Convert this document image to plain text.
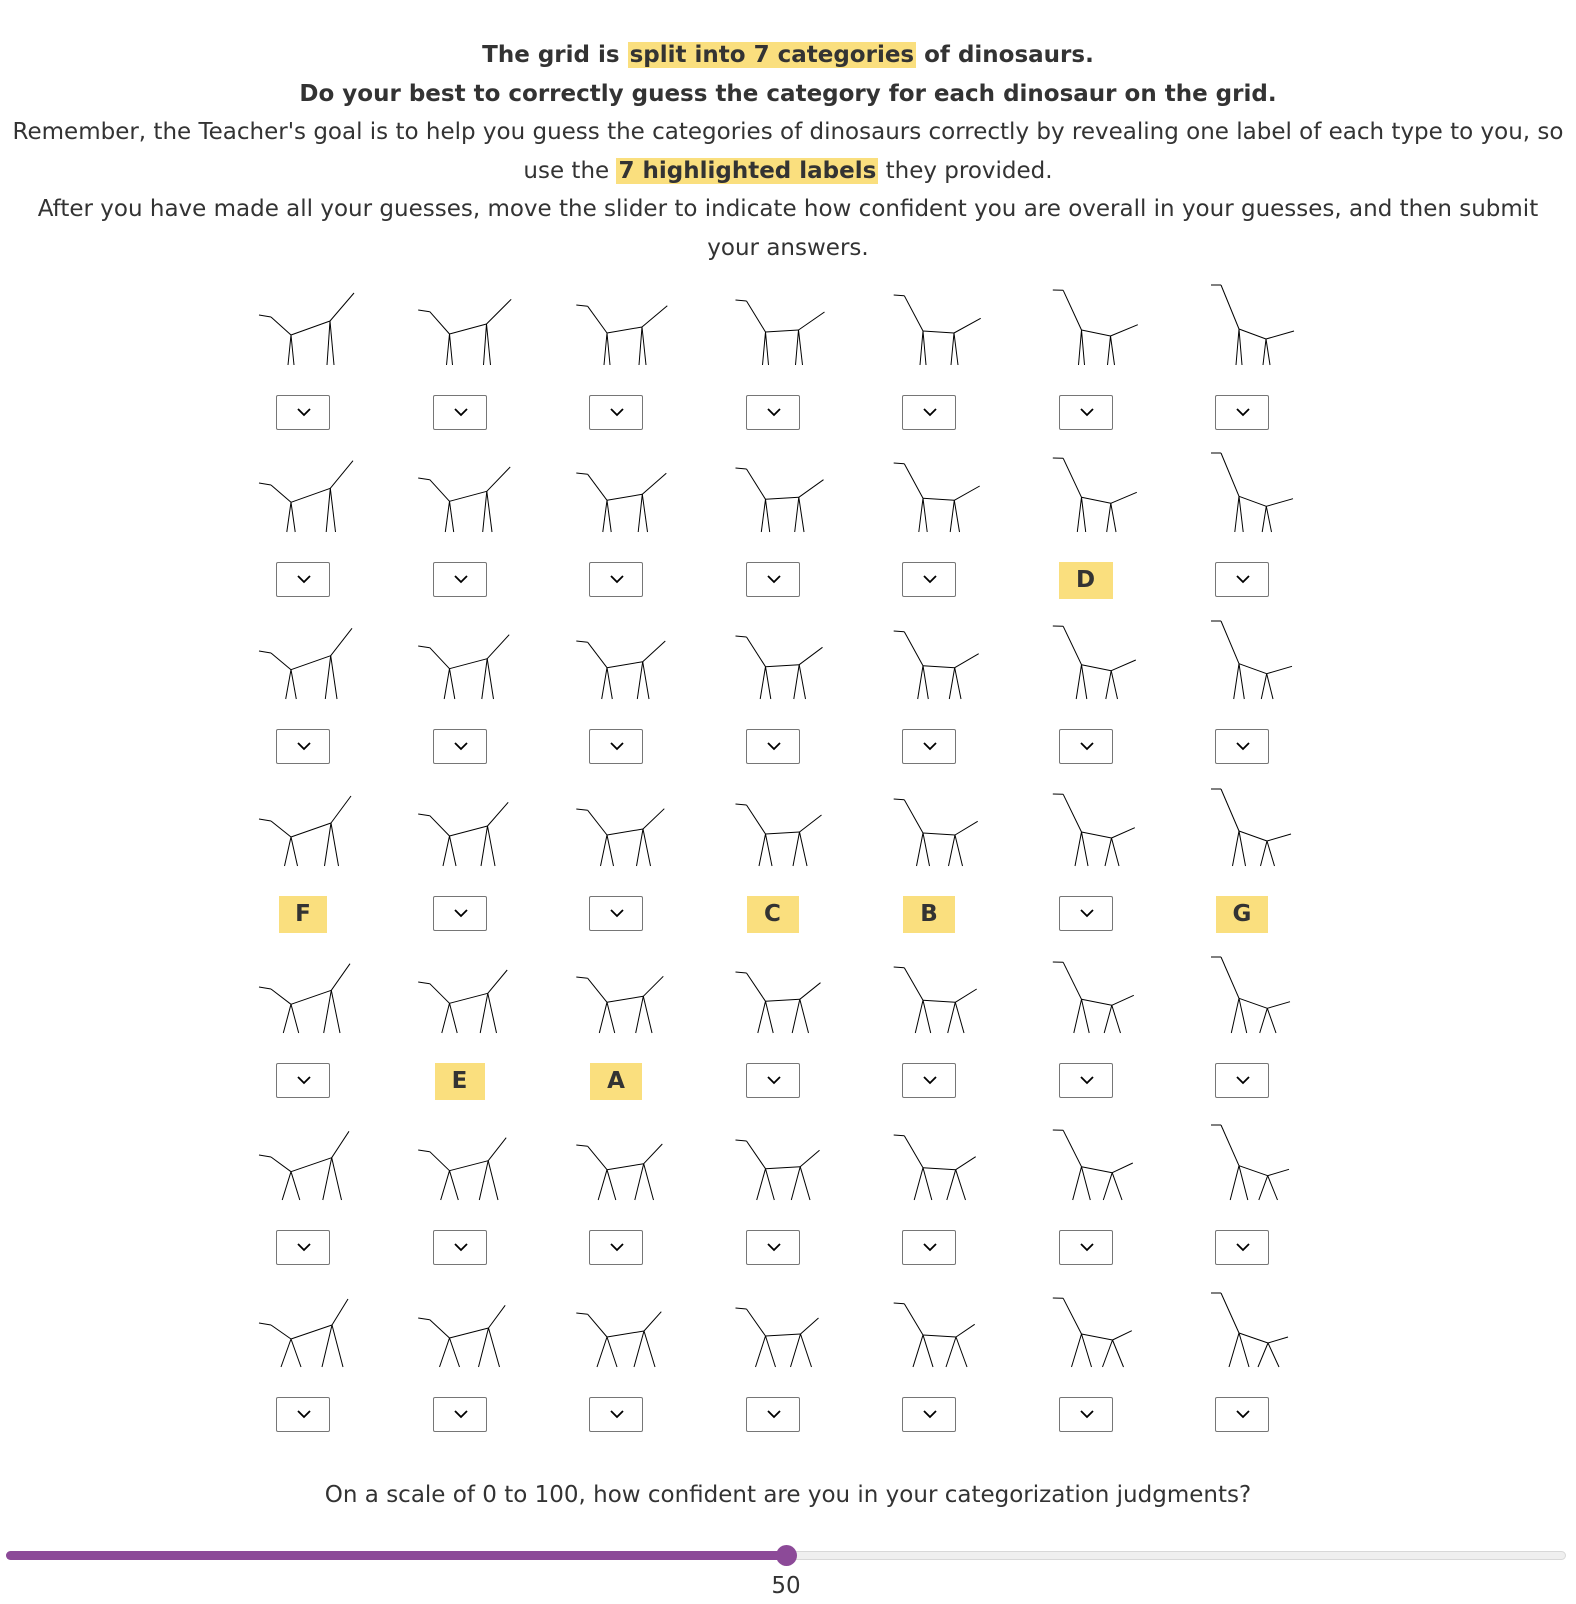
The grid is split into 7 categories of dinosaurs.

Do your best to correctly guess the category for each dinosaur on the grid.

Remember, the Teacher's goal is to help you guess the categories of dinosaurs correctly by revealing one label of each type to you, so use the 7 highlighted labels they provided.

After you have made all your guesses, move the slider to indicate how confident you are overall in your guesses, and then submit your answers.

D
F	C	B	G
E	A
On a scale of 0 to 100, how confident are you in your categorization judgments?
50
